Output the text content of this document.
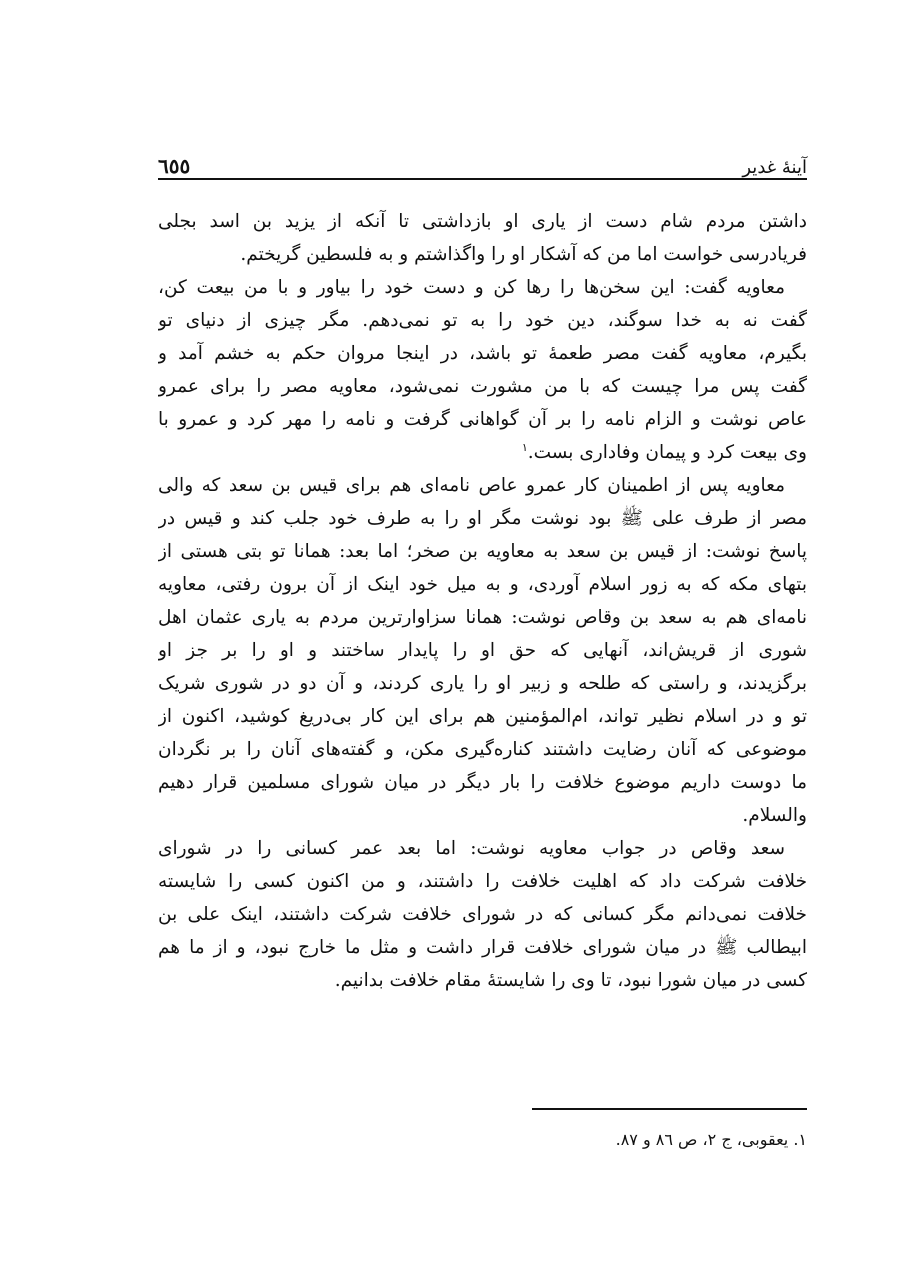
٦٥٥	آینهٔ غدیر
داشتن مردم شام دست از یاری او بازداشتی تا آنکه از یزید بن اسد بجلی
فریادرسی خواست اما من که آشکار او را واگذاشتم و به فلسطین گریختم.
معاویه گفت: این سخن‌ها را رها کن و دست خود را بیاور و با من بیعت کن،
گفت نه به خدا سوگند، دین خود را به تو نمی‌دهم. مگر چیزی از دنیای تو
بگیرم، معاویه گفت مصر طعمهٔ تو باشد، در اینجا مروان حکم به خشم آمد و
گفت پس مرا چیست که با من مشورت نمی‌شود، معاویه مصر را برای عمرو
عاص نوشت و الزام نامه را بر آن گواهانی گرفت و نامه را مهر کرد و عمرو با
وی بیعت کرد و پیمان وفاداری بست.$^١$
معاویه پس از اطمینان کار عمرو عاص نامه‌ای هم برای قیس بن سعد که والی
مصر از طرف علی ﷺ بود نوشت مگر او را به طرف خود جلب کند و قیس در
پاسخ نوشت: از قیس بن سعد به معاویه بن صخر؛ اما بعد: همانا تو بتی هستی از
بتهای مکه که به زور اسلام آوردی، و به میل خود اینک از آن برون رفتی، معاویه
نامه‌ای هم به سعد بن وقاص نوشت: همانا سزاوارترین مردم به یاری عثمان اهل
شوری از قریش‌اند، آنهایی که حق او را پایدار ساختند و او را بر جز او
برگزیدند، و راستی که طلحه و زبیر او را یاری کردند، و آن دو در شوری شریک
تو و در اسلام نظیر تواند، ام‌المؤمنین هم برای این کار بی‌دریغ کوشید، اکنون از
موضوعی که آنان رضایت داشتند کناره‌گیری مکن، و گفته‌های آنان را بر نگردان
ما دوست داریم موضوع خلافت را بار دیگر در میان شورای مسلمین قرار دهیم
والسلام.
سعد وقاص در جواب معاویه نوشت: اما بعد عمر کسانی را در شورای
خلافت شرکت داد که اهلیت خلافت را داشتند، و من اکنون کسی را شایسته
خلافت نمی‌دانم مگر کسانی که در شورای خلافت شرکت داشتند، اینک علی بن
ابیطالب ﷺ در میان شورای خلافت قرار داشت و مثل ما خارج نبود، و از ما هم
کسی در میان شورا نبود، تا وی را شایستهٔ مقام خلافت بدانیم.
١. یعقوبی، ج ٢، ص ٨٦ و ٨٧.
